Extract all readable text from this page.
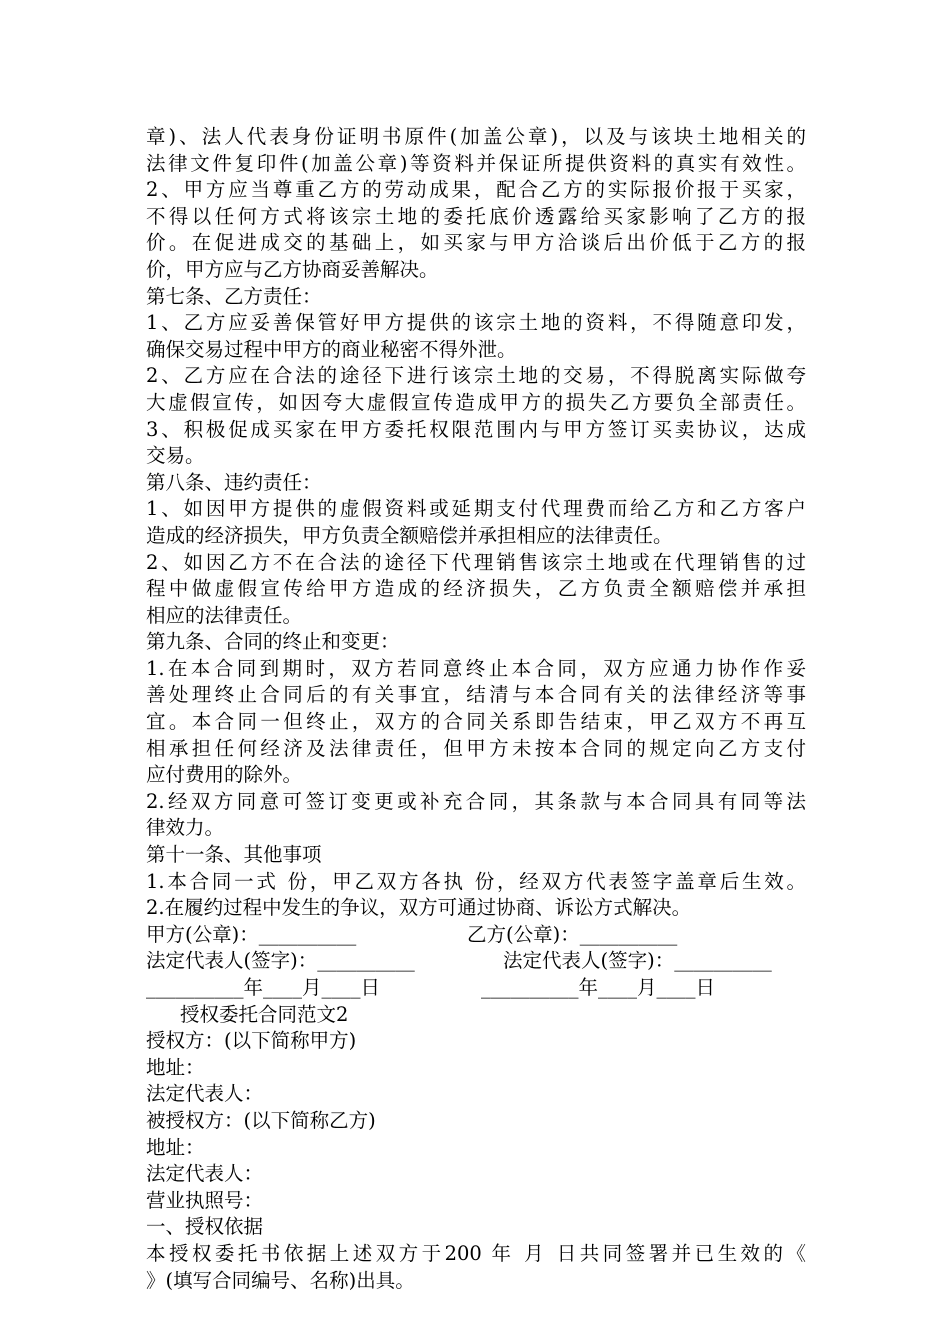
章)、法人代表身份证明书原件(加盖公章)，以及与该块土地相关的
法律文件复印件(加盖公章)等资料并保证所提供资料的真实有效性。
2、甲方应当尊重乙方的劳动成果，配合乙方的实际报价报于买家，
不得以任何方式将该宗土地的委托底价透露给买家影响了乙方的报
价。在促进成交的基础上，如买家与甲方洽谈后出价低于乙方的报
价，甲方应与乙方协商妥善解决。
第七条、乙方责任：
1、乙方应妥善保管好甲方提供的该宗土地的资料，不得随意印发，
确保交易过程中甲方的商业秘密不得外泄。
2、乙方应在合法的途径下进行该宗土地的交易，不得脱离实际做夸
大虚假宣传，如因夸大虚假宣传造成甲方的损失乙方要负全部责任。
3、积极促成买家在甲方委托权限范围内与甲方签订买卖协议，达成
交易。
第八条、违约责任：
1、如因甲方提供的虚假资料或延期支付代理费而给乙方和乙方客户
造成的经济损失，甲方负责全额赔偿并承担相应的法律责任。
2、如因乙方不在合法的途径下代理销售该宗土地或在代理销售的过
程中做虚假宣传给甲方造成的经济损失，乙方负责全额赔偿并承担
相应的法律责任。
第九条、合同的终止和变更：
1.在本合同到期时，双方若同意终止本合同，双方应通力协作作妥
善处理终止合同后的有关事宜，结清与本合同有关的法律经济等事
宜。本合同一但终止，双方的合同关系即告结束，甲乙双方不再互
相承担任何经济及法律责任，但甲方未按本合同的规定向乙方支付
应付费用的除外。
2.经双方同意可签订变更或补充合同，其条款与本合同具有同等法
律效力。
第十一条、其他事项
1.本合同一式 份，甲乙双方各执 份，经双方代表签字盖章后生效。
2.在履约过程中发生的争议，双方可通过协商、诉讼方式解决。
甲方(公章)：__________	乙方(公章)：__________
法定代表人(签字)：__________	法定代表人(签字)：__________
__________年____月____日	__________年____月____日
授权委托合同范文2
授权方：(以下简称甲方)
地址：
法定代表人：
被授权方：(以下简称乙方)
地址：
法定代表人：
营业执照号：
一、授权依据
本授权委托书依据上述双方于200 年 月 日共同签署并已生效的《
》(填写合同编号、名称)出具。
